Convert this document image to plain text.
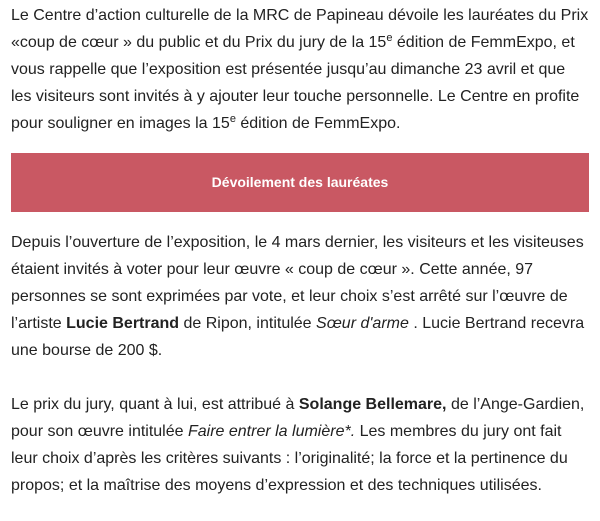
Le Centre d’action culturelle de la MRC de Papineau dévoile les lauréates du Prix «coup de cœur » du public et du Prix du jury de la 15e édition de FemmExpo, et vous rappelle que l’exposition est présentée jusqu’au dimanche 23 avril et que les visiteurs sont invités à y ajouter leur touche personnelle. Le Centre en profite pour souligner en images la 15e édition de FemmExpo.

Dévoilement des lauréates

Depuis l’ouverture de l’exposition, le 4 mars dernier, les visiteurs et les visiteuses étaient invités à voter pour leur œuvre « coup de cœur ». Cette année, 97 personnes se sont exprimées par vote, et leur choix s’est arrêté sur l’œuvre de l’artiste Lucie Bertrand de Ripon, intitulée Sœur d'arme . Lucie Bertrand recevra une bourse de 200 $.

Le prix du jury, quant à lui, est attribué à Solange Bellemare, de l’Ange-Gardien, pour son œuvre intitulée Faire entrer la lumière*. Les membres du jury ont fait leur choix d’après les critères suivants : l’originalité; la force et la pertinence du propos; et la maîtrise des moyens d’expression et des techniques utilisées.
